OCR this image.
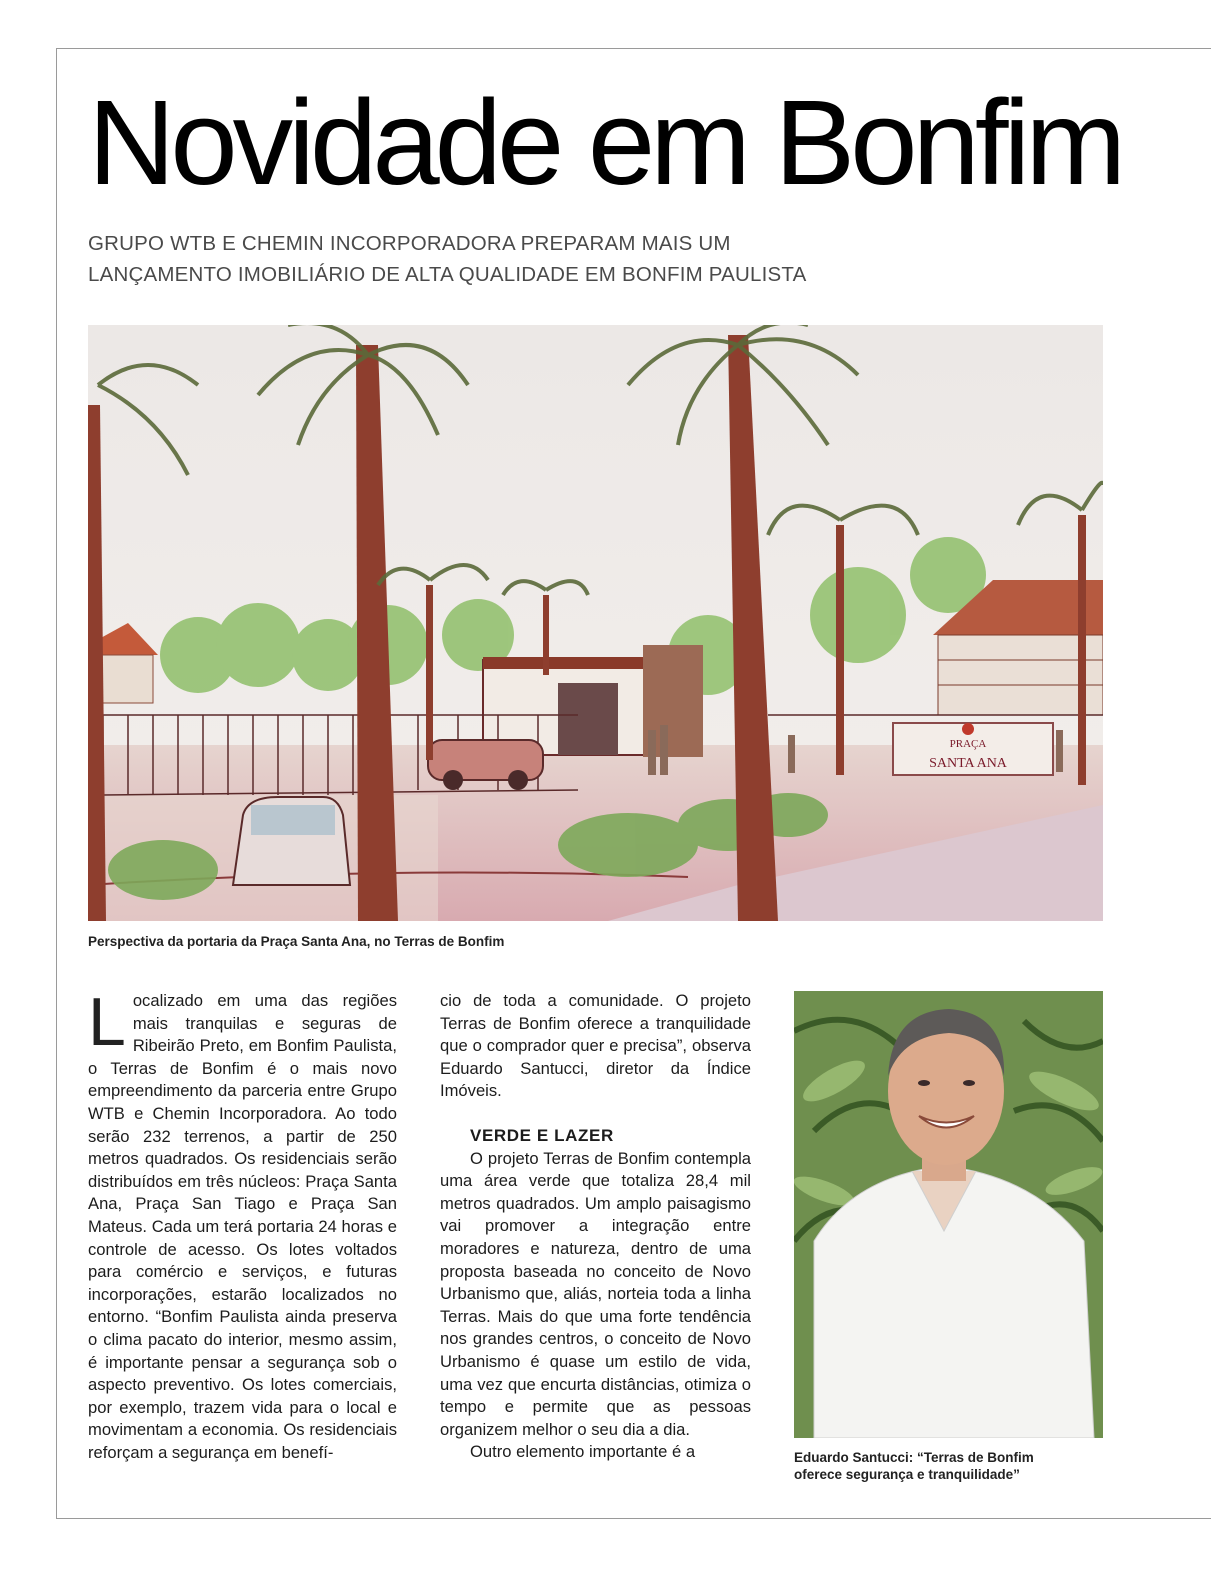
Novidade em Bonfim
GRUPO WTB E CHEMIN INCORPORADORA PREPARAM MAIS UM
LANÇAMENTO IMOBILIÁRIO DE ALTA QUALIDADE EM BONFIM PAULISTA
PRAÇA
SANTA ANA
Perspectiva da portaria da Praça Santa Ana, no Terras de Bonfim

Localizado em uma das regiões mais tranquilas e seguras de Ribeirão Preto, em Bonfim Paulista, o Terras de Bonfim é o mais novo empreendimento da parceria entre Grupo WTB e Chemin Incorporadora. Ao todo serão 232 terrenos, a partir de 250 metros quadrados. Os residenciais serão distribuídos em três núcleos: Praça Santa Ana, Praça San Tiago e Praça San Mateus. Cada um terá portaria 24 horas e controle de acesso. Os lotes voltados para comércio e serviços, e futuras incorporações, estarão localizados no entorno. “Bonfim Paulista ainda preserva o clima pacato do interior, mesmo assim, é importante pensar a segurança sob o aspecto preventivo. Os lotes comerciais, por exemplo, trazem vida para o local e movimentam a economia. Os residenciais reforçam a segurança em benefí-

cio de toda a comunidade. O projeto Terras de Bonfim oferece a tranquilidade que o comprador quer e precisa”, observa Eduardo Santucci, diretor da Índice Imóveis.

VERDE E LAZER

O projeto Terras de Bonfim contempla uma área verde que totaliza 28,4 mil metros quadrados. Um amplo paisagismo vai promover a integração entre moradores e natureza, dentro de uma proposta baseada no conceito de Novo Urbanismo que, aliás, norteia toda a linha Terras. Mais do que uma forte tendência nos grandes centros, o conceito de Novo Urbanismo é quase um estilo de vida, uma vez que encurta distâncias, otimiza o tempo e permite que as pessoas organizem melhor o seu dia a dia.

Outro elemento importante é a	Eduardo Santucci: “Terras de Bonfim
oferece segurança e tranquilidade”
